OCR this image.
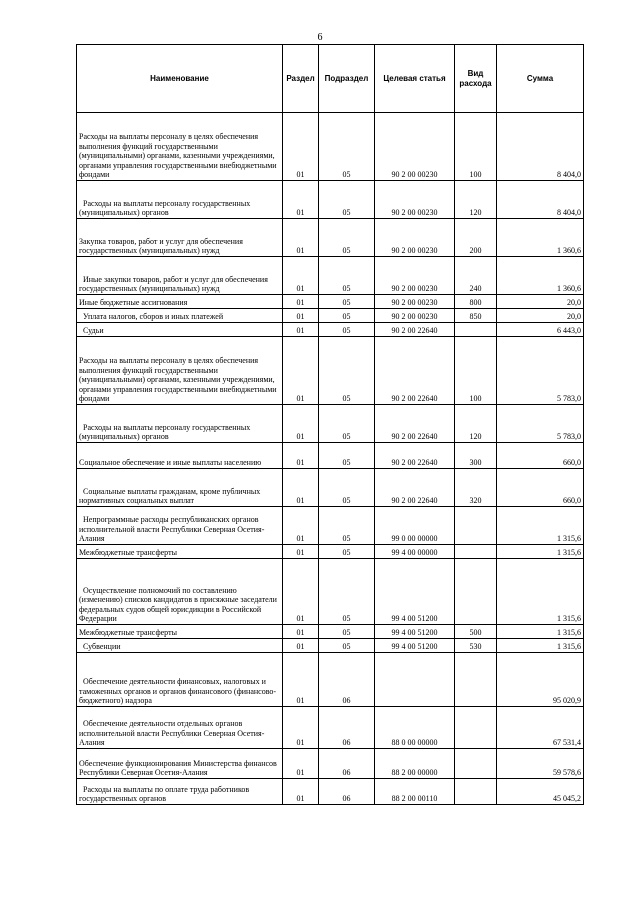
6
Наименование	Раздел	Подраздел	Целевая статья	Вид расхода	Сумма
Расходы на выплаты персоналу в целях обеспечения выполнения функций государственными (муниципальными) органами, казенными учреждениями, органами управления государственными внебюджетными фондами	01	05	90 2 00 00230	100	8 404,0
Расходы на выплаты персоналу государственных (муниципальных) органов	01	05	90 2 00 00230	120	8 404,0
Закупка товаров, работ и услуг для обеспечения государственных (муниципальных) нужд	01	05	90 2 00 00230	200	1 360,6
Иные закупки товаров, работ и услуг для обеспечения государственных (муниципальных) нужд	01	05	90 2 00 00230	240	1 360,6
Иные бюджетные ассигнования	01	05	90 2 00 00230	800	20,0
Уплата налогов, сборов и иных платежей	01	05	90 2 00 00230	850	20,0
Судьи	01	05	90 2 00 22640		6 443,0
Расходы на выплаты персоналу в целях обеспечения выполнения функций государственными (муниципальными) органами, казенными учреждениями, органами управления государственными внебюджетными фондами	01	05	90 2 00 22640	100	5 783,0
Расходы на выплаты персоналу государственных (муниципальных) органов	01	05	90 2 00 22640	120	5 783,0
Социальное обеспечение и иные выплаты населению	01	05	90 2 00 22640	300	660,0
Социальные выплаты гражданам, кроме публичных нормативных социальных выплат	01	05	90 2 00 22640	320	660,0
Непрограммные расходы республиканских органов исполнительной власти Республики Северная Осетия-Алания	01	05	99 0 00 00000		1 315,6
Межбюджетные трансферты	01	05	99 4 00 00000		1 315,6
Осуществление полномочий по составлению (изменению) списков кандидатов в присяжные заседатели федеральных судов общей юрисдикции в Российской Федерации	01	05	99 4 00 51200		1 315,6
Межбюджетные трансферты	01	05	99 4 00 51200	500	1 315,6
Субвенции	01	05	99 4 00 51200	530	1 315,6
Обеспечение деятельности финансовых, налоговых и таможенных органов и органов финансового (финансово-бюджетного) надзора	01	06			95 020,9
Обеспечение деятельности отдельных органов исполнительной власти Республики Северная Осетия-Алания	01	06	88 0 00 00000		67 531,4
Обеспечение функционирования Министерства финансов Республики Северная Осетия-Алания	01	06	88 2 00 00000		59 578,6
Расходы на выплаты по оплате труда работников государственных органов	01	06	88 2 00 00110		45 045,2
